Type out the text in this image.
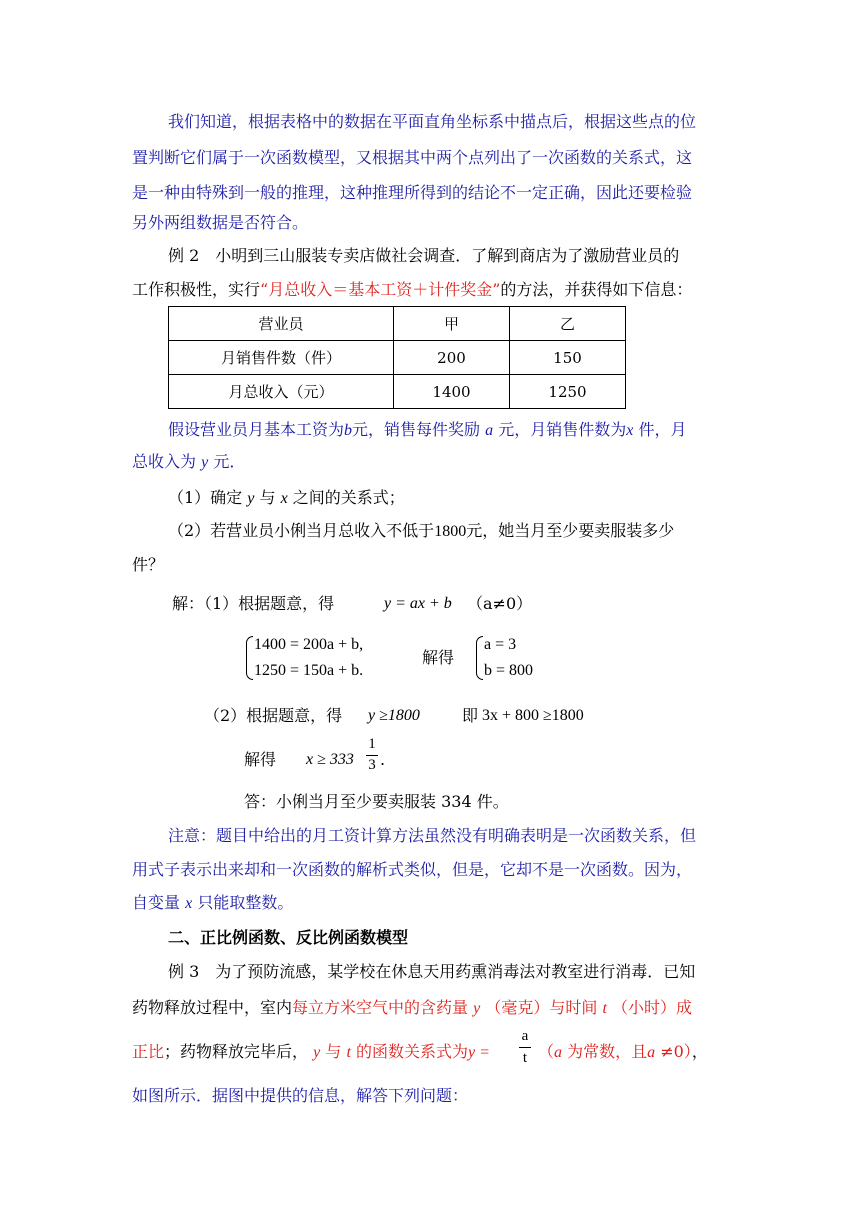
我们知道，根据表格中的数据在平面直角坐标系中描点后，根据这些点的位
置判断它们属于一次函数模型，又根据其中两个点列出了一次函数的关系式，这
是一种由特殊到一般的推理，这种推理所得到的结论不一定正确，因此还要检验
另外两组数据是否符合。
例 2　小明到三山服装专卖店做社会调查．了解到商店为了激励营业员的
工作积极性，实行“月总收入＝基本工资＋计件奖金”的方法，并获得如下信息：
营业员	甲	乙
月销售件数（件）	200	150
月总收入（元）	1400	1250
假设营业员月基本工资为b元，销售每件奖励 a 元，月销售件数为x 件，月
总收入为 y 元．
（1）确定 y 与 x 之间的关系式；
（2）若营业员小俐当月总收入不低于1800元，她当月至少要卖服装多少
件？
解：（1）根据题意，得	y = ax + b （a≠0）
1400 = 200a + b,
1250 = 150a + b.
解得
a = 3
b = 800
（2）根据题意，得 y ≥1800	即 3x + 800 ≥1800
解得 x ≥ 333
1
3 .
答：小俐当月至少要卖服装 334 件。
注意：题目中给出的月工资计算方法虽然没有明确表明是一次函数关系，但
用式子表示出来却和一次函数的解析式类似，但是，它却不是一次函数。因为，
自变量 x 只能取整数。
二、正比例函数、反比例函数模型
例 3　为了预防流感，某学校在休息天用药熏消毒法对教室进行消毒．已知
药物释放过程中，室内每立方米空气中的含药量 y （毫克）与时间 t （小时）成
正比；药物释放完毕后， y 与 t 的函数关系式为y =
a
t （a 为常数，且a ≠0），
如图所示．据图中提供的信息，解答下列问题：
